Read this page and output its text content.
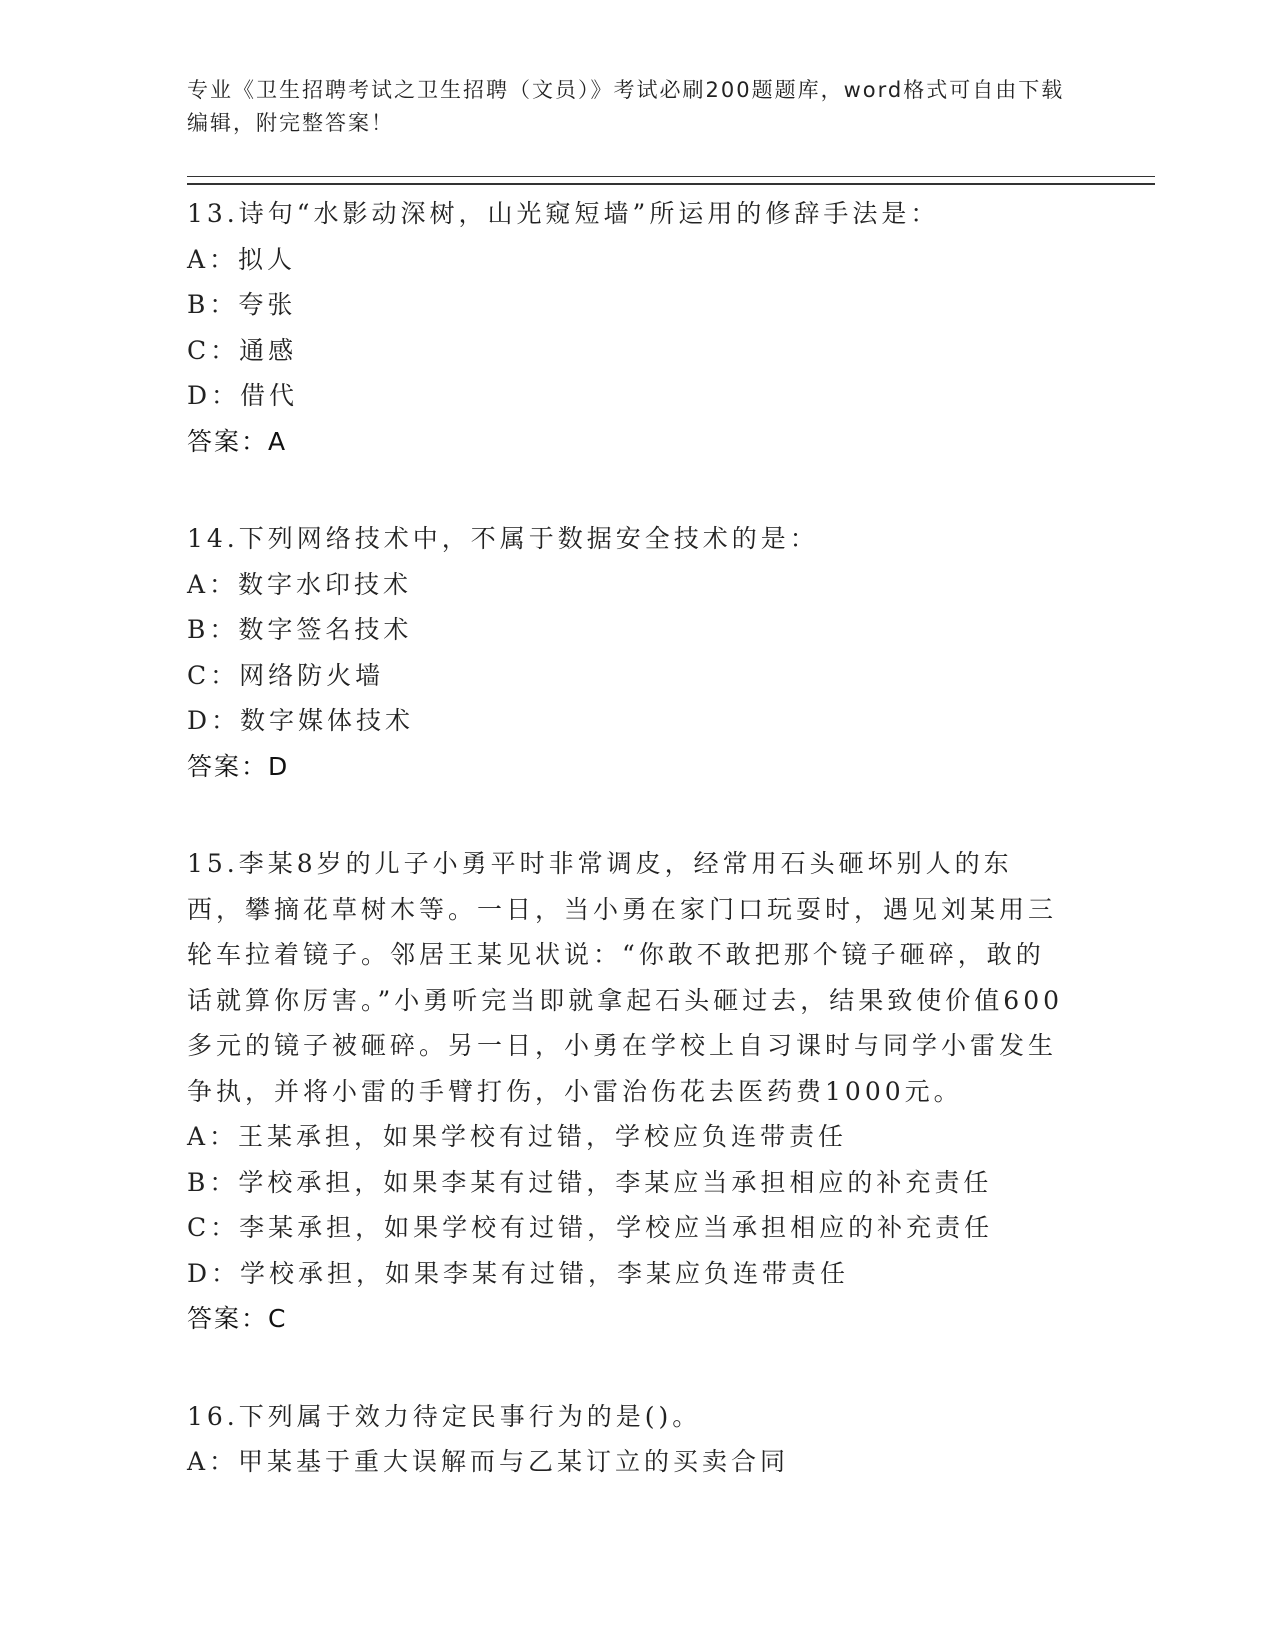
专业《卫生招聘考试之卫生招聘（文员）》考试必刷200题题库，word格式可自由下载编辑，附完整答案！
13.诗句“水影动深树，山光窥短墙”所运用的修辞手法是：
A：拟人
B：夸张
C：通感
D：借代
答案：A
14.下列网络技术中，不属于数据安全技术的是：
A：数字水印技术
B：数字签名技术
C：网络防火墙
D：数字媒体技术
答案：D
15.李某8岁的儿子小勇平时非常调皮，经常用石头砸坏别人的东西，攀摘花草树木等。一日，当小勇在家门口玩耍时，遇见刘某用三轮车拉着镜子。邻居王某见状说：“你敢不敢把那个镜子砸碎，敢的话就算你厉害。”小勇听完当即就拿起石头砸过去，结果致使价值600多元的镜子被砸碎。另一日，小勇在学校上自习课时与同学小雷发生争执，并将小雷的手臂打伤，小雷治伤花去医药费1000元。
A：王某承担，如果学校有过错，学校应负连带责任
B：学校承担，如果李某有过错，李某应当承担相应的补充责任
C：李某承担，如果学校有过错，学校应当承担相应的补充责任
D：学校承担，如果李某有过错，李某应负连带责任
答案：C
16.下列属于效力待定民事行为的是()。
A：甲某基于重大误解而与乙某订立的买卖合同
